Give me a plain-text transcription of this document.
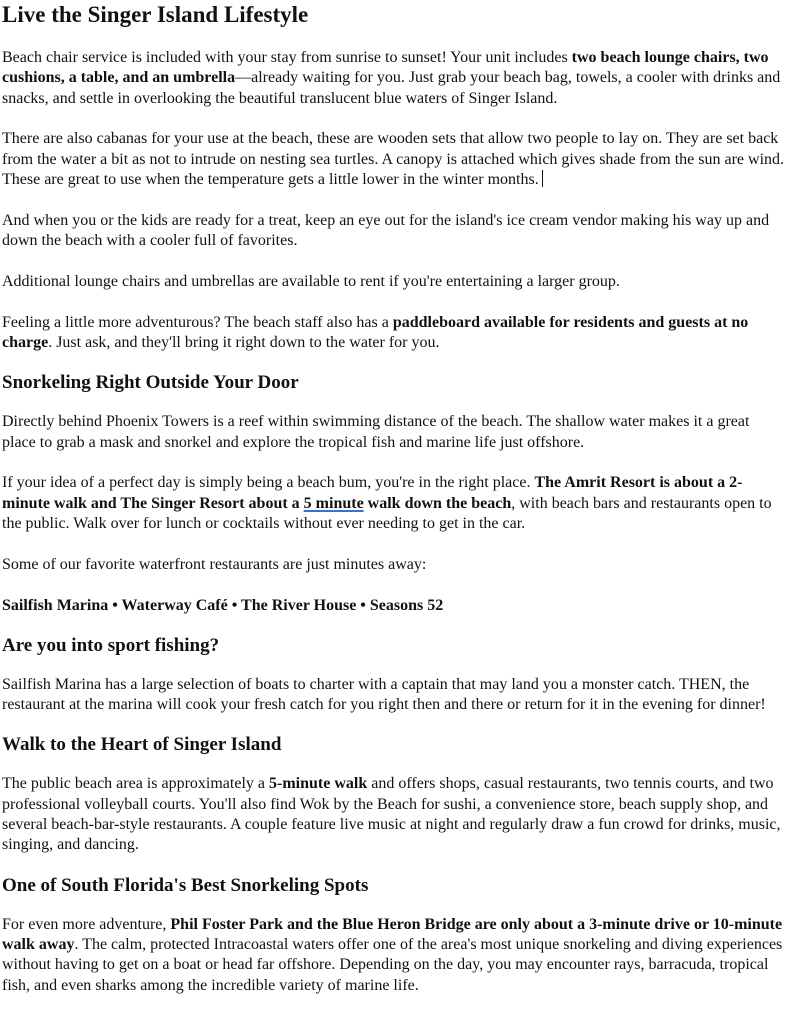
Live the Singer Island Lifestyle

Beach chair service is included with your stay from sunrise to sunset! Your unit includes two beach lounge chairs, two cushions, a table, and an umbrella—already waiting for you. Just grab your beach bag, towels, a cooler with drinks and snacks, and settle in overlooking the beautiful translucent blue waters of Singer Island.

There are also cabanas for your use at the beach, these are wooden sets that allow two people to lay on. They are set back from the water a bit as not to intrude on nesting sea turtles. A canopy is attached which gives shade from the sun are wind. These are great to use when the temperature gets a little lower in the winter months.

And when you or the kids are ready for a treat, keep an eye out for the island's ice cream vendor making his way up and down the beach with a cooler full of favorites.

Additional lounge chairs and umbrellas are available to rent if you're entertaining a larger group.

Feeling a little more adventurous? The beach staff also has a paddleboard available for residents and guests at no charge. Just ask, and they'll bring it right down to the water for you.

Snorkeling Right Outside Your Door

Directly behind Phoenix Towers is a reef within swimming distance of the beach. The shallow water makes it a great place to grab a mask and snorkel and explore the tropical fish and marine life just offshore.

If your idea of a perfect day is simply being a beach bum, you're in the right place. The Amrit Resort is about a 2-minute walk and The Singer Resort about a 5 minute walk down the beach, with beach bars and restaurants open to the public. Walk over for lunch or cocktails without ever needing to get in the car.

Some of our favorite waterfront restaurants are just minutes away:

Sailfish Marina • Waterway Café • The River House • Seasons 52

Are you into sport fishing?

Sailfish Marina has a large selection of boats to charter with a captain that may land you a monster catch. THEN, the restaurant at the marina will cook your fresh catch for you right then and there or return for it in the evening for dinner!

Walk to the Heart of Singer Island

The public beach area is approximately a 5-minute walk and offers shops, casual restaurants, two tennis courts, and two professional volleyball courts. You'll also find Wok by the Beach for sushi, a convenience store, beach supply shop, and several beach-bar-style restaurants. A couple feature live music at night and regularly draw a fun crowd for drinks, music, singing, and dancing.

One of South Florida's Best Snorkeling Spots

For even more adventure, Phil Foster Park and the Blue Heron Bridge are only about a 3-minute drive or 10-minute walk away. The calm, protected Intracoastal waters offer one of the area's most unique snorkeling and diving experiences without having to get on a boat or head far offshore. Depending on the day, you may encounter rays, barracuda, tropical fish, and even sharks among the incredible variety of marine life.
